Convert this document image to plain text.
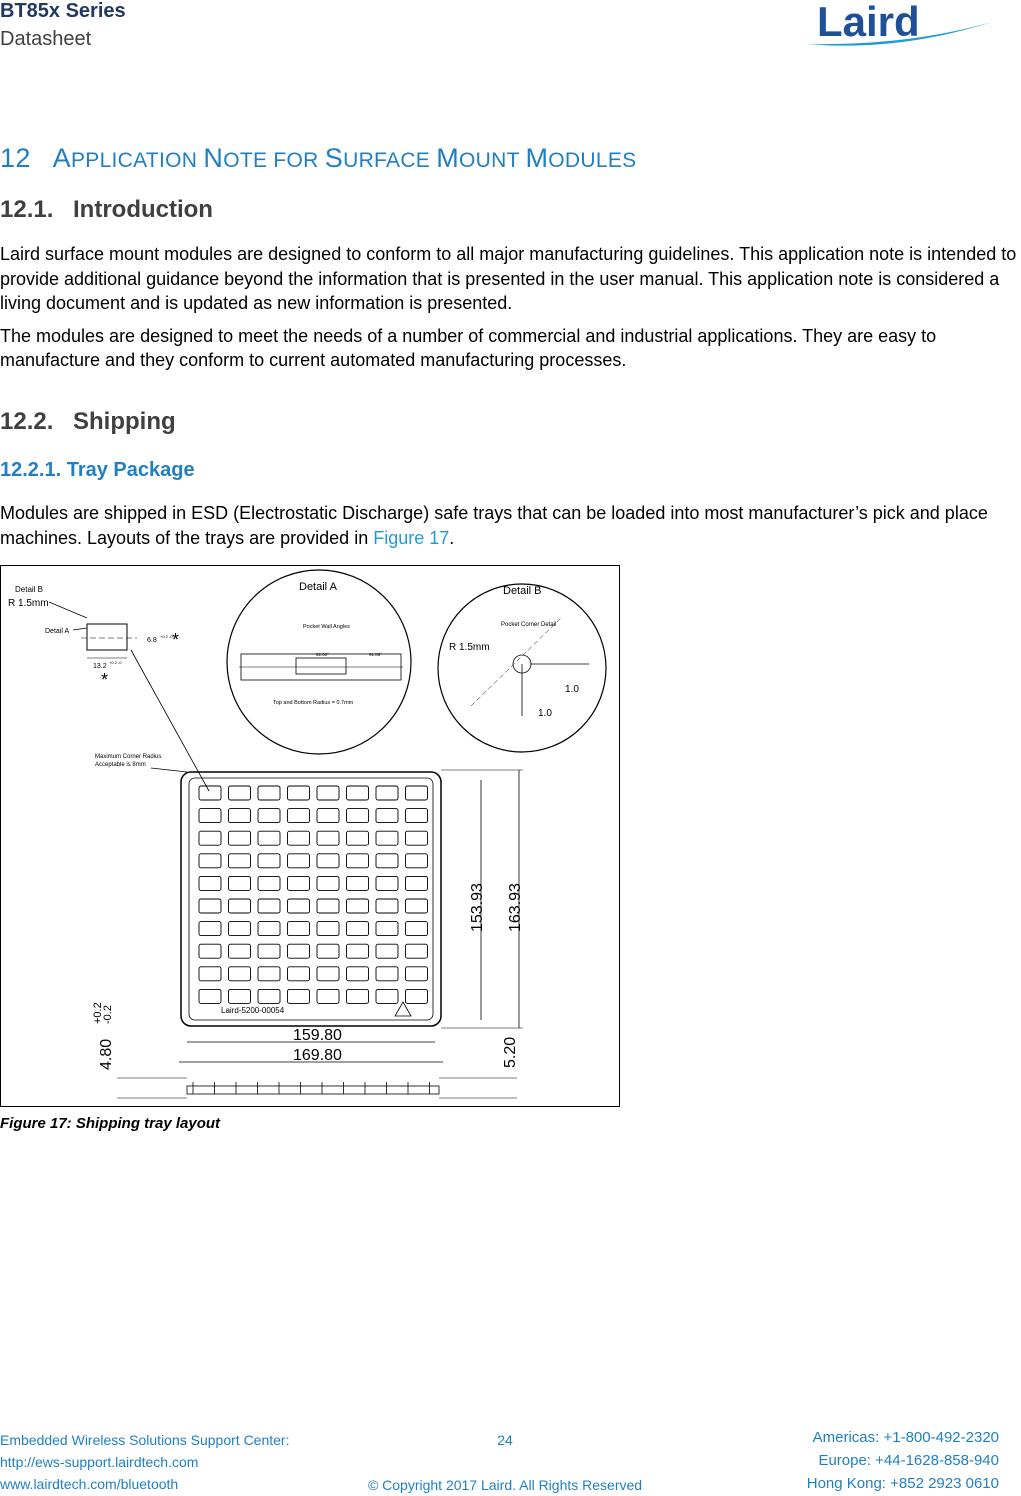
BT85x Series
Datasheet	Laird
12 APPLICATION NOTE FOR SURFACE MOUNT MODULES
12.1. Introduction

Laird surface mount modules are designed to conform to all major manufacturing guidelines. This application note is intended to provide additional guidance beyond the information that is presented in the user manual. This application note is considered a living document and is updated as new information is presented.

The modules are designed to meet the needs of a number of commercial and industrial applications. They are easy to manufacture and they conform to current automated manufacturing processes.

12.2. Shipping
12.2.1. Tray Package

Modules are shipped in ESD (Electrostatic Discharge) safe trays that can be loaded into most manufacturer’s pick and place machines. Layouts of the trays are provided in Figure 17.

Detail B
R 1.5mm
Detail A
6.8
+0.2 -0 *
13.2
+0.2 -0
*
Detail A
Pocket Wall Angles
92.60°	91.86°
Top and Bottom Radius = 0.7mm
Detail B
Pocket Corner Detail
R 1.5mm
1.0
1.0
Maximum Corner Radius
Acceptable is 8mm
Laird-5200-00054
153.93 163.93
159.80
169.80	5.20
4.80
+0.2
-0.2
Figure 17: Shipping tray layout
Embedded Wireless Solutions Support Center:
http://ews-support.lairdtech.com
www.lairdtech.com/bluetooth
24
© Copyright 2017 Laird. All Rights Reserved
Americas: +1-800-492-2320
Europe: +44-1628-858-940
Hong Kong: +852 2923 0610
